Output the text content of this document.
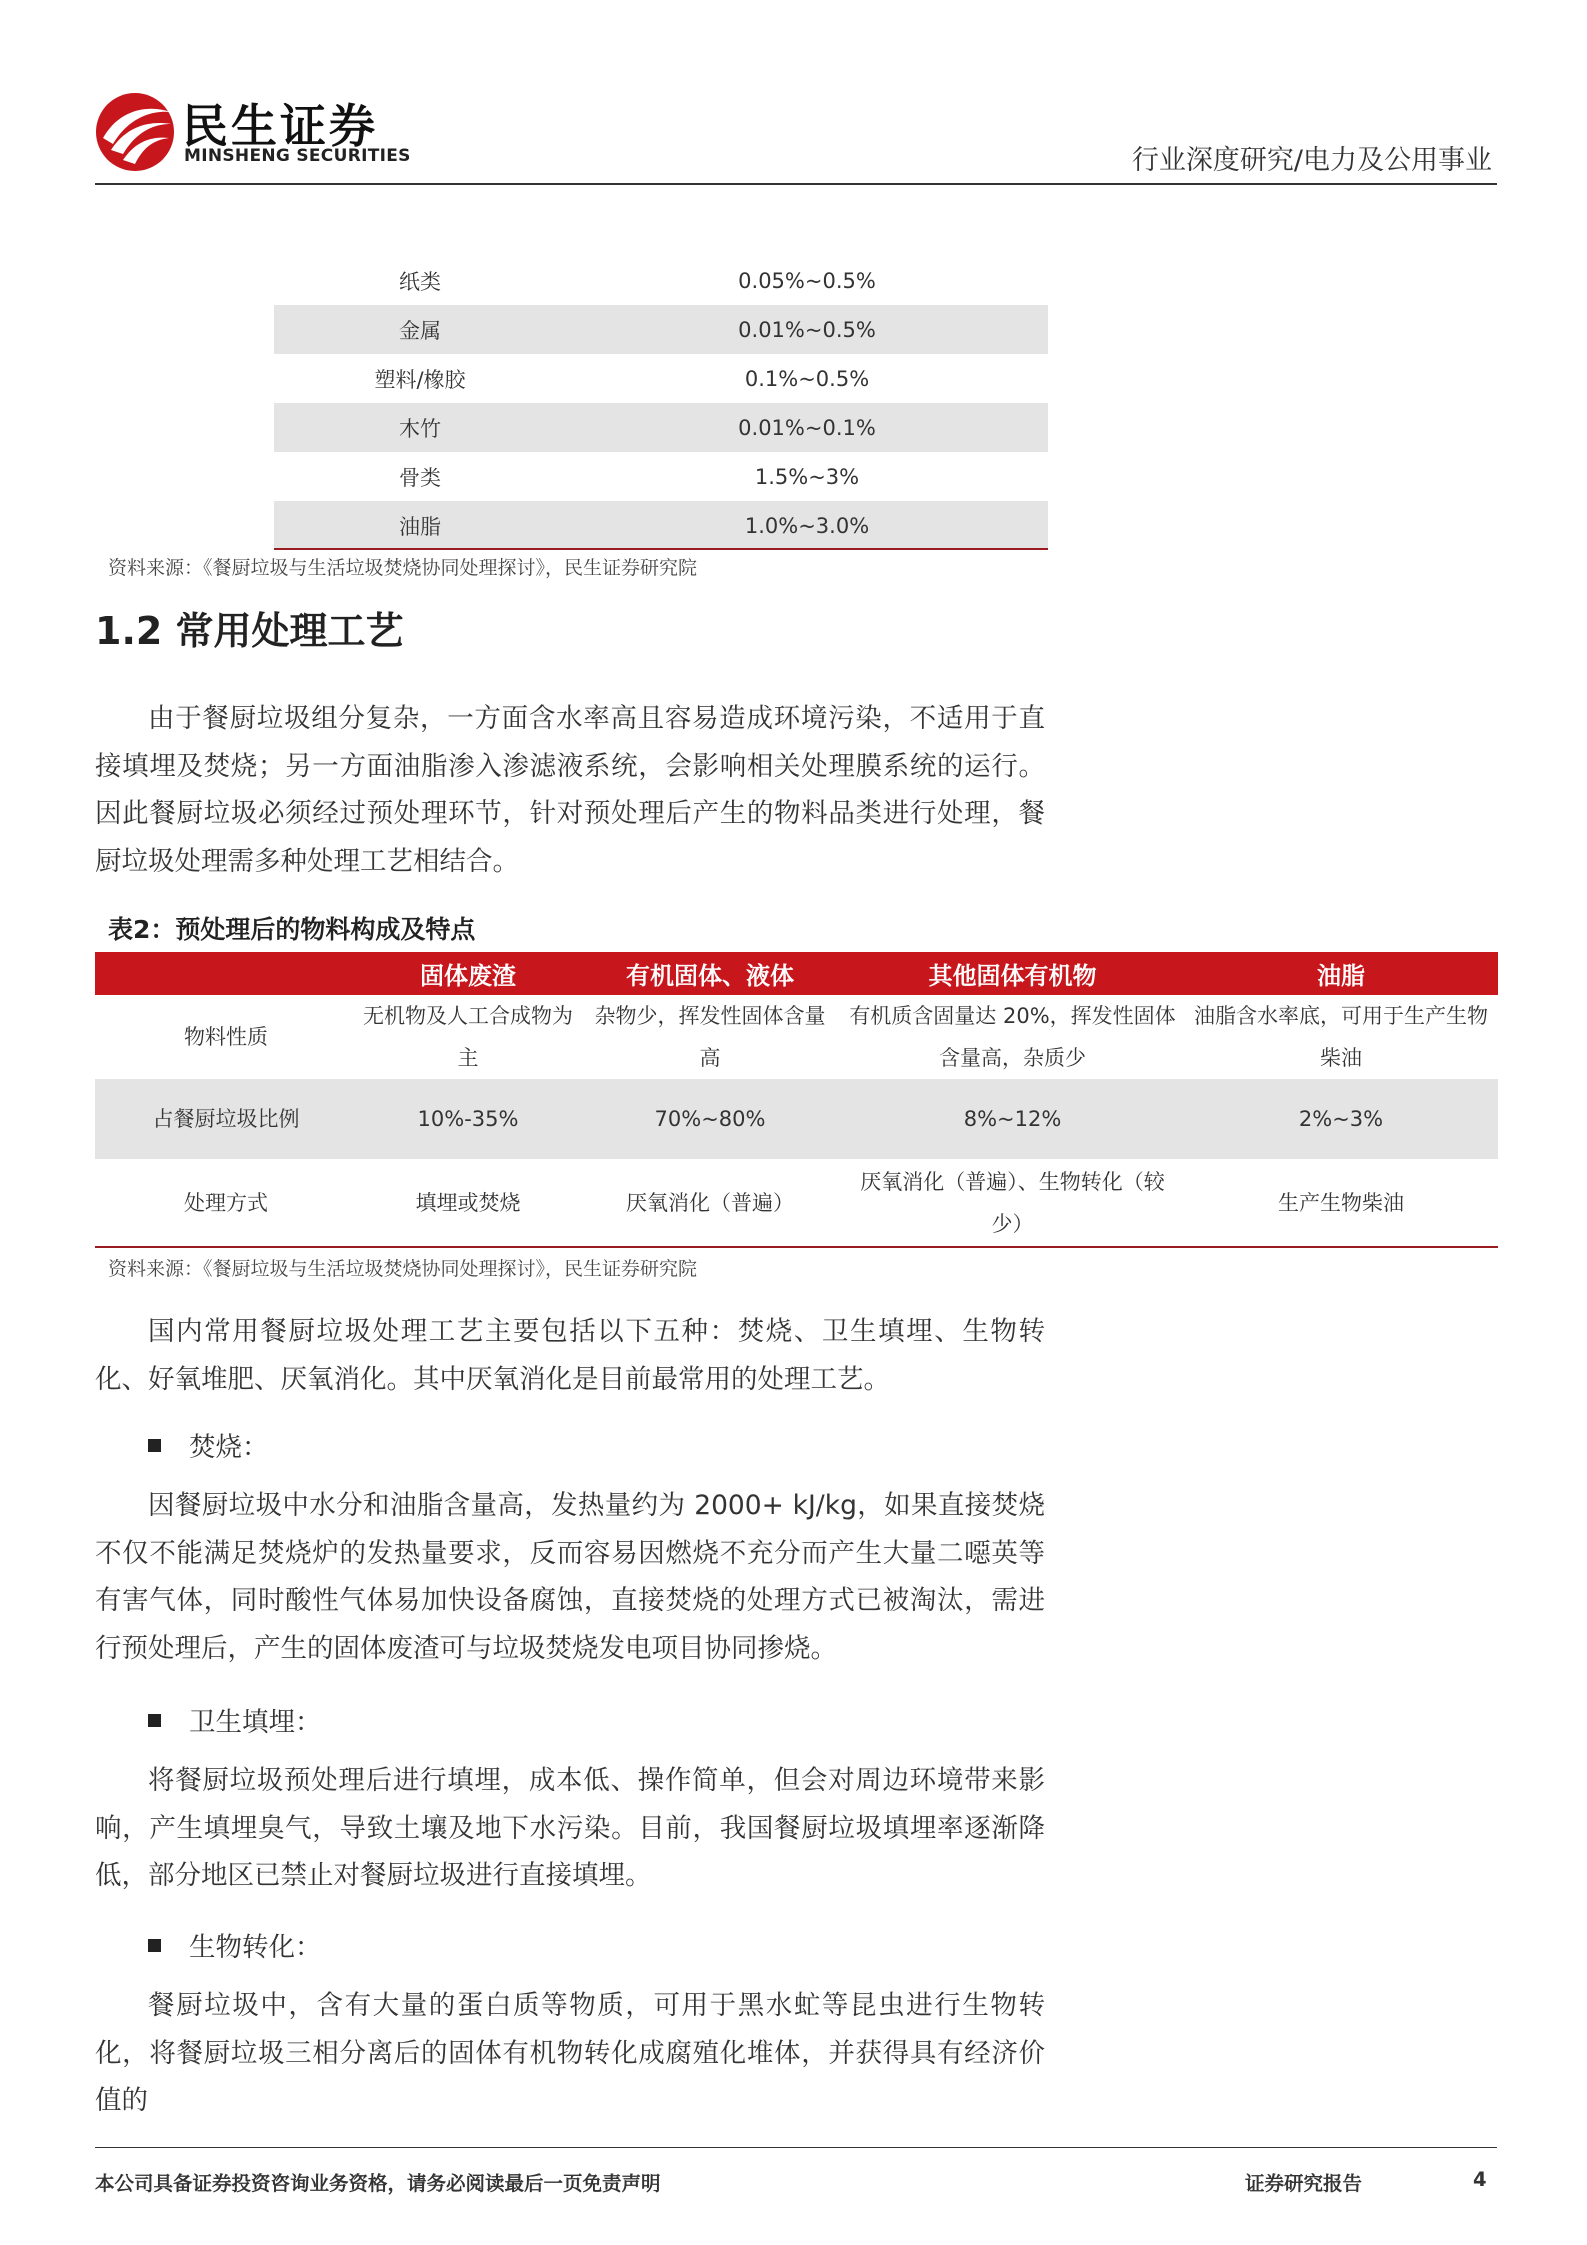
民生证券
MINSHENG SECURITIES	行业深度研究/电力及公用事业
纸类	0.05%~0.5%
金属	0.01%~0.5%
塑料/橡胶	0.1%~0.5%
木竹	0.01%~0.1%
骨类	1.5%~3%
油脂	1.0%~3.0%
资料来源：《餐厨垃圾与生活垃圾焚烧协同处理探讨》，民生证券研究院
1.2 常用处理工艺

由于餐厨垃圾组分复杂，一方面含水率高且容易造成环境污染，不适用于直接填埋及焚烧；另一方面油脂渗入渗滤液系统，会影响相关处理膜系统的运行。因此餐厨垃圾必须经过预处理环节，针对预处理后产生的物料品类进行处理，餐厨垃圾处理需多种处理工艺相结合。

表2：预处理后的物料构成及特点
	固体废渣	有机固体、液体	其他固体有机物	油脂
物料性质	无机物及人工合成物为主	杂物少，挥发性固体含量高	有机质含固量达 20%，挥发性固体含量高，杂质少	油脂含水率底，可用于生产生物柴油
占餐厨垃圾比例	10%-35%	70%~80%	8%~12%	2%~3%
处理方式	填埋或焚烧	厌氧消化（普遍）	厌氧消化（普遍）、生物转化（较少）	生产生物柴油
资料来源：《餐厨垃圾与生活垃圾焚烧协同处理探讨》，民生证券研究院

国内常用餐厨垃圾处理工艺主要包括以下五种：焚烧、卫生填埋、生物转化、好氧堆肥、厌氧消化。其中厌氧消化是目前最常用的处理工艺。

焚烧：

因餐厨垃圾中水分和油脂含量高，发热量约为 2000+ kJ/kg，如果直接焚烧不仅不能满足焚烧炉的发热量要求，反而容易因燃烧不充分而产生大量二噁英等有害气体，同时酸性气体易加快设备腐蚀，直接焚烧的处理方式已被淘汰，需进行预处理后，产生的固体废渣可与垃圾焚烧发电项目协同掺烧。

卫生填埋：

将餐厨垃圾预处理后进行填埋，成本低、操作简单，但会对周边环境带来影响，产生填埋臭气，导致土壤及地下水污染。目前，我国餐厨垃圾填埋率逐渐降低，部分地区已禁止对餐厨垃圾进行直接填埋。

生物转化：

餐厨垃圾中，含有大量的蛋白质等物质，可用于黑水虻等昆虫进行生物转化，将餐厨垃圾三相分离后的固体有机物转化成腐殖化堆体，并获得具有经济价值的

本公司具备证券投资咨询业务资格，请务必阅读最后一页免责声明	证券研究报告	4
